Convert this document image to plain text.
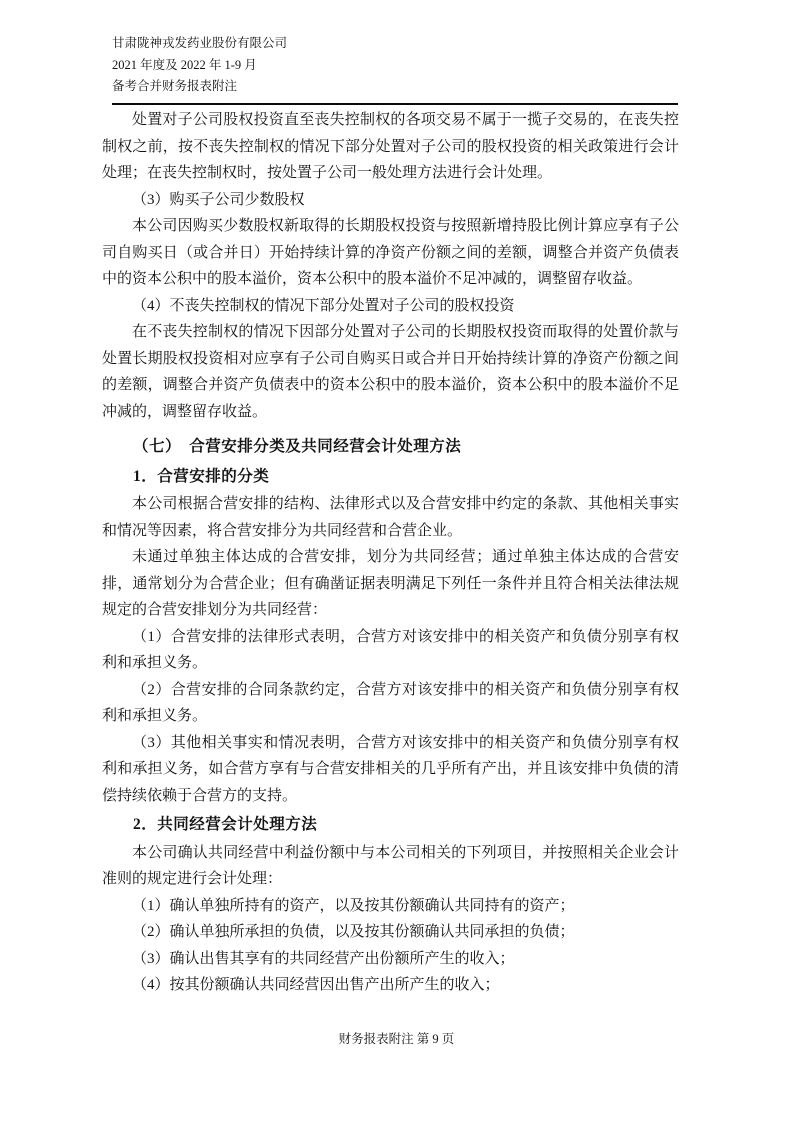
甘肃陇神戎发药业股份有限公司
2021 年度及 2022 年 1-9 月
备考合并财务报表附注

处置对子公司股权投资直至丧失控制权的各项交易不属于一揽子交易的，在丧失控制权之前，按不丧失控制权的情况下部分处置对子公司的股权投资的相关政策进行会计处理；在丧失控制权时，按处置子公司一般处理方法进行会计处理。

（3）购买子公司少数股权

本公司因购买少数股权新取得的长期股权投资与按照新增持股比例计算应享有子公司自购买日（或合并日）开始持续计算的净资产份额之间的差额，调整合并资产负债表中的资本公积中的股本溢价，资本公积中的股本溢价不足冲减的，调整留存收益。

（4）不丧失控制权的情况下部分处置对子公司的股权投资

在不丧失控制权的情况下因部分处置对子公司的长期股权投资而取得的处置价款与处置长期股权投资相对应享有子公司自购买日或合并日开始持续计算的净资产份额之间的差额，调整合并资产负债表中的资本公积中的股本溢价，资本公积中的股本溢价不足冲减的，调整留存收益。

（七）　合营安排分类及共同经营会计处理方法

1．合营安排的分类

本公司根据合营安排的结构、法律形式以及合营安排中约定的条款、其他相关事实和情况等因素，将合营安排分为共同经营和合营企业。

未通过单独主体达成的合营安排，划分为共同经营；通过单独主体达成的合营安排，通常划分为合营企业；但有确凿证据表明满足下列任一条件并且符合相关法律法规规定的合营安排划分为共同经营：

（1）合营安排的法律形式表明，合营方对该安排中的相关资产和负债分别享有权利和承担义务。

（2）合营安排的合同条款约定，合营方对该安排中的相关资产和负债分别享有权利和承担义务。

（3）其他相关事实和情况表明，合营方对该安排中的相关资产和负债分别享有权利和承担义务，如合营方享有与合营安排相关的几乎所有产出，并且该安排中负债的清偿持续依赖于合营方的支持。

2．共同经营会计处理方法

本公司确认共同经营中利益份额中与本公司相关的下列项目，并按照相关企业会计准则的规定进行会计处理：

（1）确认单独所持有的资产，以及按其份额确认共同持有的资产；

（2）确认单独所承担的负债，以及按其份额确认共同承担的负债；

（3）确认出售其享有的共同经营产出份额所产生的收入；

（4）按其份额确认共同经营因出售产出所产生的收入；

财务报表附注 第 9 页
